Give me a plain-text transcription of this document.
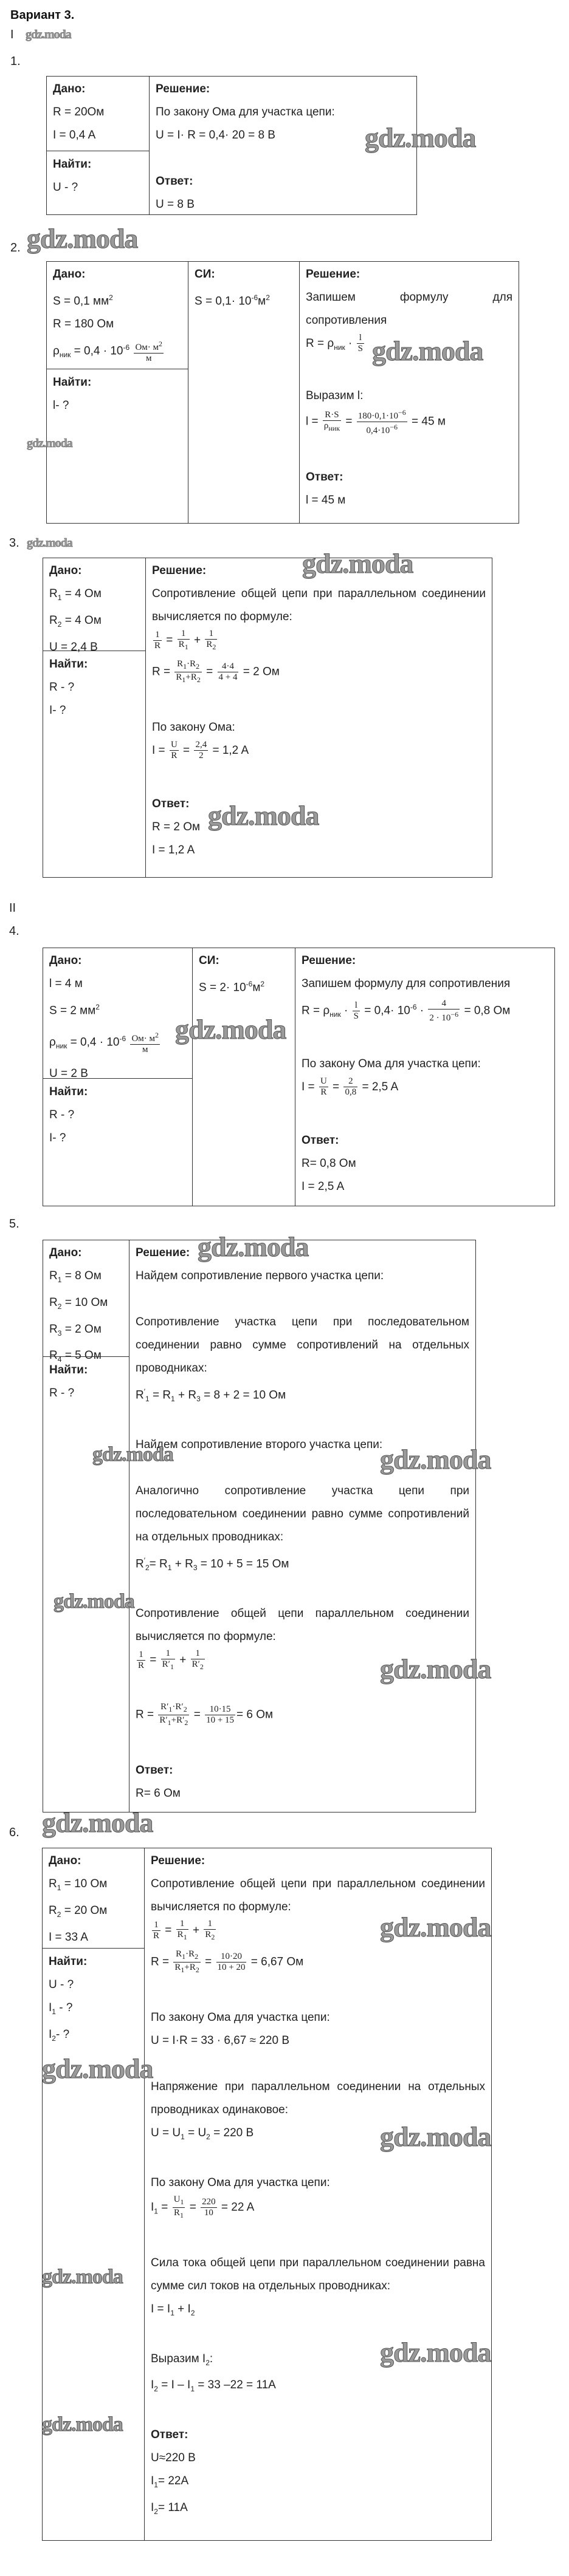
Вариант 3.
I gdz.moda
1.
Дано:
R = 20Ом
I = 0,4 A
Найти:
U - ?
Решение:
По закону Ома для участка цепи:
U = I· R = 0,4· 20 = 8 B
Ответ:
U = 8 B
gdz.moda
2. gdz.moda
Дано:
S = 0,1 $мм^2$
R = 180 Ом
$\rho_{ник} = 0,4 \cdot 10^{-6} \frac{Ом\cdot м^2}{м}$
Найти:
l- ?
СИ:
$S = 0,1\cdot 10^{-6}м^2$
Решение:
Запишем формулу для сопротивления
$R = \rho_{ник} \cdot \frac{l}{S}$
Выразим l:
$l = \frac{R\cdot S}{\rho_{ник}} = \frac{180\cdot 0,1\cdot 10^{-6}}{0,4\cdot 10^{-6}} = 45$ м
Ответ:
l = 45 м
gdz.moda
gdz.moda
3. gdz.moda
Дано:
$R_1 = 4$ Ом
$R_2 = 4$ Ом
U = 2,4 B
Найти:
R - ?
I- ?
Решение:
Сопротивление общей цепи при параллельном соединении вычисляется по формуле:
$\frac{1}{R} = \frac{1}{R_1} + \frac{1}{R_2}$
$R = \frac{R_1\cdot R_2}{R_1+R_2} = \frac{4\cdot 4}{4 + 4} = 2$ Ом
По закону Ома:
$I = \frac{U}{R} = \frac{2,4}{2} = 1,2$ A
Ответ:
R = 2 Ом
I = 1,2 A
gdz.moda
gdz.moda
II
4.
Дано:
l = 4 м
S = 2 $мм^2$
$\rho_{ник} = 0,4 \cdot 10^{-6} \frac{Ом\cdot м^2}{м}$
U = 2 B
Найти:
R - ?
I- ?
СИ:
$S = 2\cdot 10^{-6}м^2$
Решение:
Запишем формулу для сопротивления
$R = \rho_{ник} \cdot \frac{l}{S} = 0,4\cdot 10^{-6} \cdot \frac{4}{2 \cdot 10^{-6}} = 0,8$ Ом
По закону Ома для участка цепи:
$I = \frac{U}{R} = \frac{2}{0,8} = 2,5$ A
Ответ:
R= 0,8 Ом
I = 2,5 A
gdz.moda
5.
Дано:
$R_1 = 8$ Ом
$R_2 = 10$ Ом
$R_3 = 2$ Ом
$R_4 = 5$ Ом
Найти:
R - ?
Решение:
Найдем сопротивление первого участка цепи:
Сопротивление участка цепи при последовательном соединении равно сумме сопротивлений на отдельных проводниках:
$R'_1 = R_1 + R_3 = 8 + 2 = 10$ Ом
Найдем сопротивление второго участка цепи:
Аналогично сопротивление участка цепи при последовательном соединении равно сумме сопротивлений на отдельных проводниках:
$R'_2= R_1 + R_3 = 10 + 5 = 15$ Ом
Сопротивление общей цепи параллельном соединении вычисляется по формуле:
$\frac{1}{R} = \frac{1}{R'_1} + \frac{1}{R'_2}$
$R = \frac{R'_1\cdot R'_2}{R'_1+R'_2} = \frac{10\cdot 15}{10 + 15} = 6$ Ом
Ответ:
R= 6 Ом
gdz.moda
gdz.moda	gdz.moda
gdz.moda
gdz.moda
6. gdz.moda
Дано:
$R_1 = 10$ Ом
$R_2 = 20$ Ом
I = 33 A
Найти:
U - ?
$I_1$ - ?
$I_2-$ ?
Решение:
Сопротивление общей цепи при параллельном соединении вычисляется по формуле:
$\frac{1}{R} = \frac{1}{R_1} + \frac{1}{R_2}$
$R = \frac{R_1\cdot R_2}{R_1+R_2} = \frac{10\cdot 20}{10 + 20} = 6,67$ Ом
По закону Ома для участка цепи:
U = I·R = 33 · 6,67 ≈ 220 B
Напряжение при параллельном соединении на отдельных проводниках одинаковое:
$U = U_1 = U_2 = 220$ B
По закону Ома для участка цепи:
$I_1 = \frac{U_1}{R_1} = \frac{220}{10} = 22$ A
Сила тока общей цепи при параллельном соединении равна сумме сил токов на отдельных проводниках:
$I = I_1 + I_2$
Выразим $I_2$:
$I_2 = I - I_1 = 33$ –22 = 11A
Ответ:
U≈220 B
$I_1= 22A$
$I_2= 11A$
gdz.moda
gdz.moda
gdz.moda
gdz.moda
gdz.moda
gdz.moda
